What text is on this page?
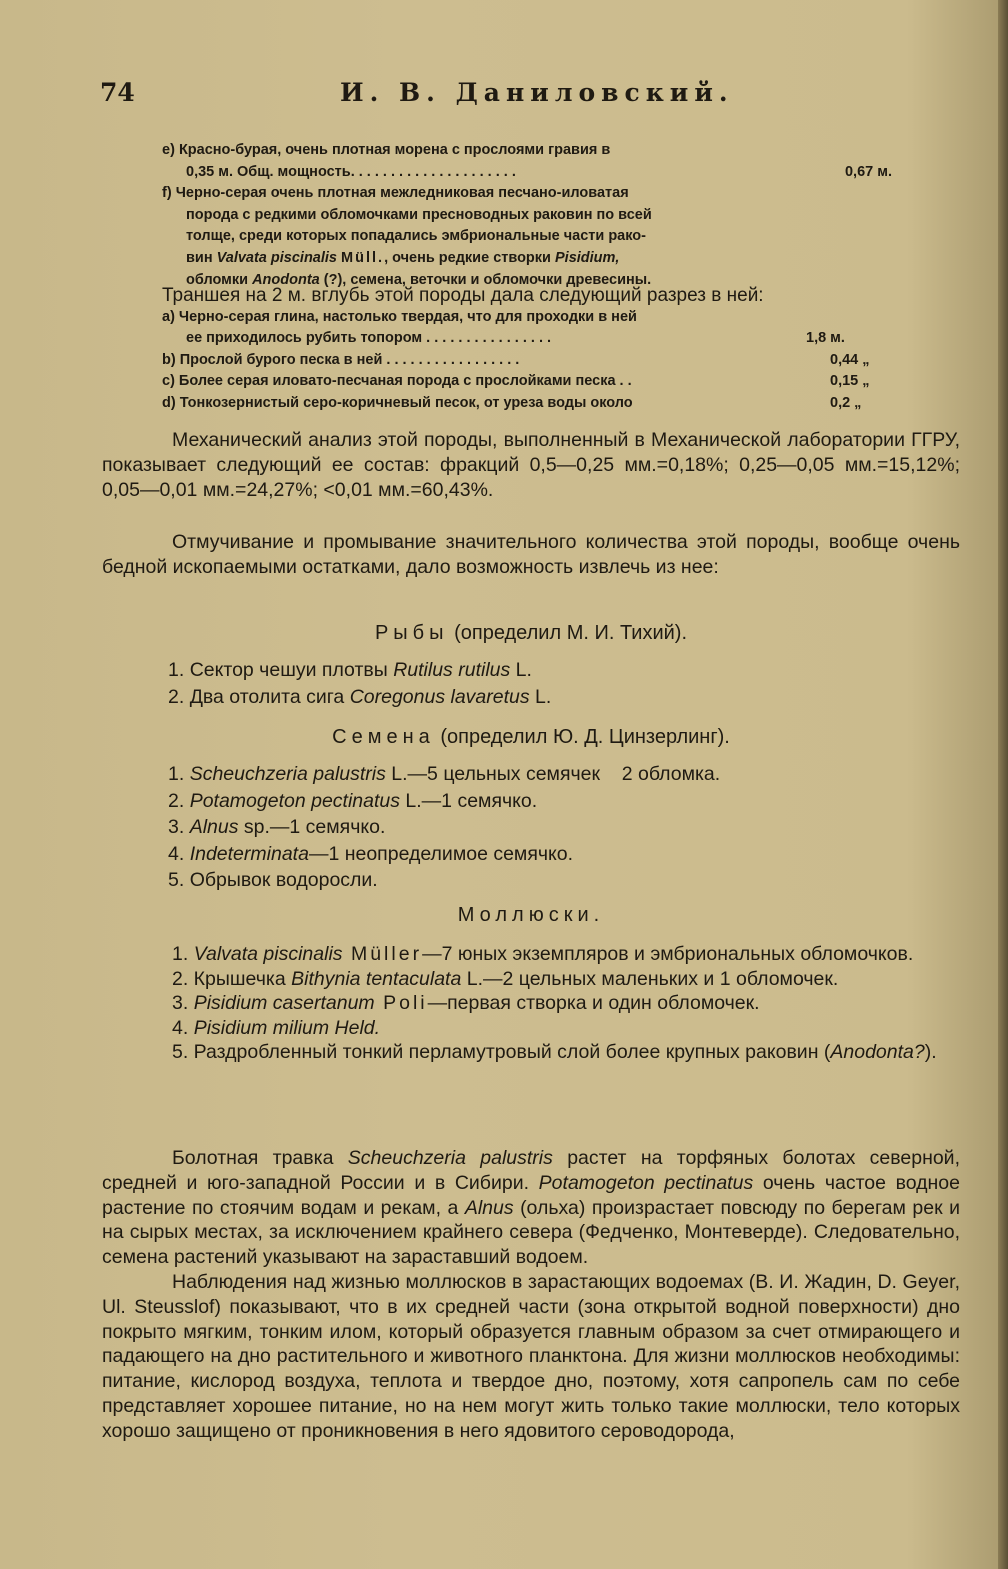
74	И. В. Даниловский.
e) Красно-бурая, очень плотная морена с прослоями гравия в
0,35 м. Общ. мощность. . . . . . . . . . . . . . . . . . . . .	0,67 м.
f) Черно-серая очень плотная межледниковая песчано-иловатая
порода с редкими обломочками пресноводных раковин по всей
толще, среди которых попадались эмбриональные части рако-
вин Valvata piscinalis Müll., очень редкие створки Pisidium,
обломки Anodonta (?), семена, веточки и обломочки древесины.
Траншея на 2 м. вглубь этой породы дала следующий разрез в ней:
a) Черно-серая глина, настолько твердая, что для проходки в ней
ее приходилось рубить топором . . . . . . . . . . . . . . . .	1,8 м.
b) Прослой бурого песка в ней . . . . . . . . . . . . . . . . .	0,44 „
c) Более серая иловато-песчаная порода с прослойками песка . .	0,15 „
d) Тонкозернистый серо-коричневый песок, от уреза воды около	0,2 „

Механический анализ этой породы, выполненный в Механической лаборатории ГГРУ, показывает следующий ее состав: фракций 0,5—0,25 мм.=0,18%; 0,25—0,05 мм.=15,12%; 0,05—0,01 мм.=24,27%; <0,01 мм.=60,43%.

Отмучивание и промывание значительного количества этой породы, вообще очень бедной ископаемыми остатками, дало возможность извлечь из нее:

Рыбы (определил М. И. Тихий).
1. Сектор чешуи плотвы Rutilus rutilus L.
2. Два отолита сига Coregonus lavaretus L.
Семена (определил Ю. Д. Цинзерлинг).
1. Scheuchzeria palustris L.—5 цельных семячек    2 обломка.
2. Potamogeton pectinatus L.—1 семячко.
3. Alnus sp.—1 семячко.
4. Indeterminata—1 неопределимое семячко.
5. Обрывок водоросли.
Моллюски.

1. Valvata piscinalis Müller—7 юных экземпляров и эмбриональных обломочков.

2. Крышечка Bithynia tentaculata L.—2 цельных маленьких и 1 обломочек.

3. Pisidium casertanum Poli—первая створка и один обломочек.

4. Pisidium milium Held.

5. Раздробленный тонкий перламутровый слой более крупных раковин (Anodonta?).

Болотная травка Scheuchzeria palustris растет на торфяных болотах северной, средней и юго-западной России и в Сибири. Potamogeton pectinatus очень частое водное растение по стоячим водам и рекам, а Alnus (ольха) произрастает повсюду по берегам рек и на сырых местах, за исключением крайнего севера (Федченко, Монтеверде). Следовательно, семена растений указывают на зараставший водоем.

Наблюдения над жизнью моллюсков в зарастающих водоемах (В. И. Жадин, D. Geyer, Ul. Steusslof) показывают, что в их средней части (зона открытой водной поверхности) дно покрыто мягким, тонким илом, который образуется главным образом за счет отмирающего и падающего на дно растительного и животного планктона. Для жизни моллюсков необходимы: питание, кислород воздуха, теплота и твердое дно, поэтому, хотя сапропель сам по себе представляет хорошее питание, но на нем могут жить только такие моллюски, тело которых хорошо защищено от проникновения в него ядовитого сероводорода,
